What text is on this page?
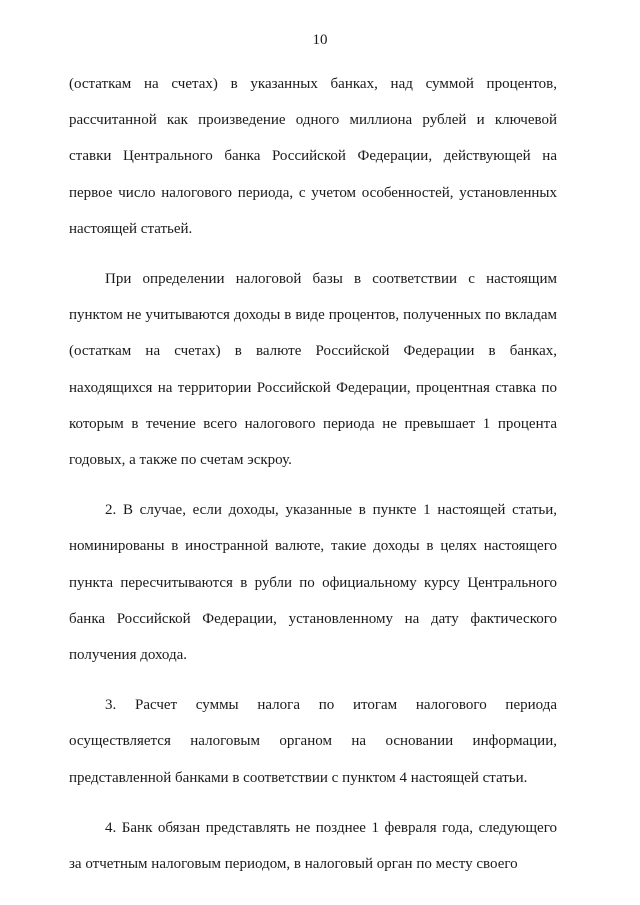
10

(остаткам на счетах) в указанных банках, над суммой процентов, рассчитанной как произведение одного миллиона рублей и ключевой ставки Центрального банка Российской Федерации, действующей на первое число налогового периода, с учетом особенностей, установленных настоящей статьей.

При определении налоговой базы в соответствии с настоящим пунктом не учитываются доходы в виде процентов, полученных по вкладам (остаткам на счетах) в валюте Российской Федерации в банках, находящихся на территории Российской Федерации, процентная ставка по которым в течение всего налогового периода не превышает 1 процента годовых, а также по счетам эскроу.

2. В случае, если доходы, указанные в пункте 1 настоящей статьи, номинированы в иностранной валюте, такие доходы в целях настоящего пункта пересчитываются в рубли по официальному курсу Центрального банка Российской Федерации, установленному на дату фактического получения дохода.

3. Расчет суммы налога по итогам налогового периода осуществляется налоговым органом на основании информации, представленной банками в соответствии с пунктом 4 настоящей статьи.

4. Банк обязан представлять не позднее 1 февраля года, следующего за отчетным налоговым периодом, в налоговый орган по месту своего
